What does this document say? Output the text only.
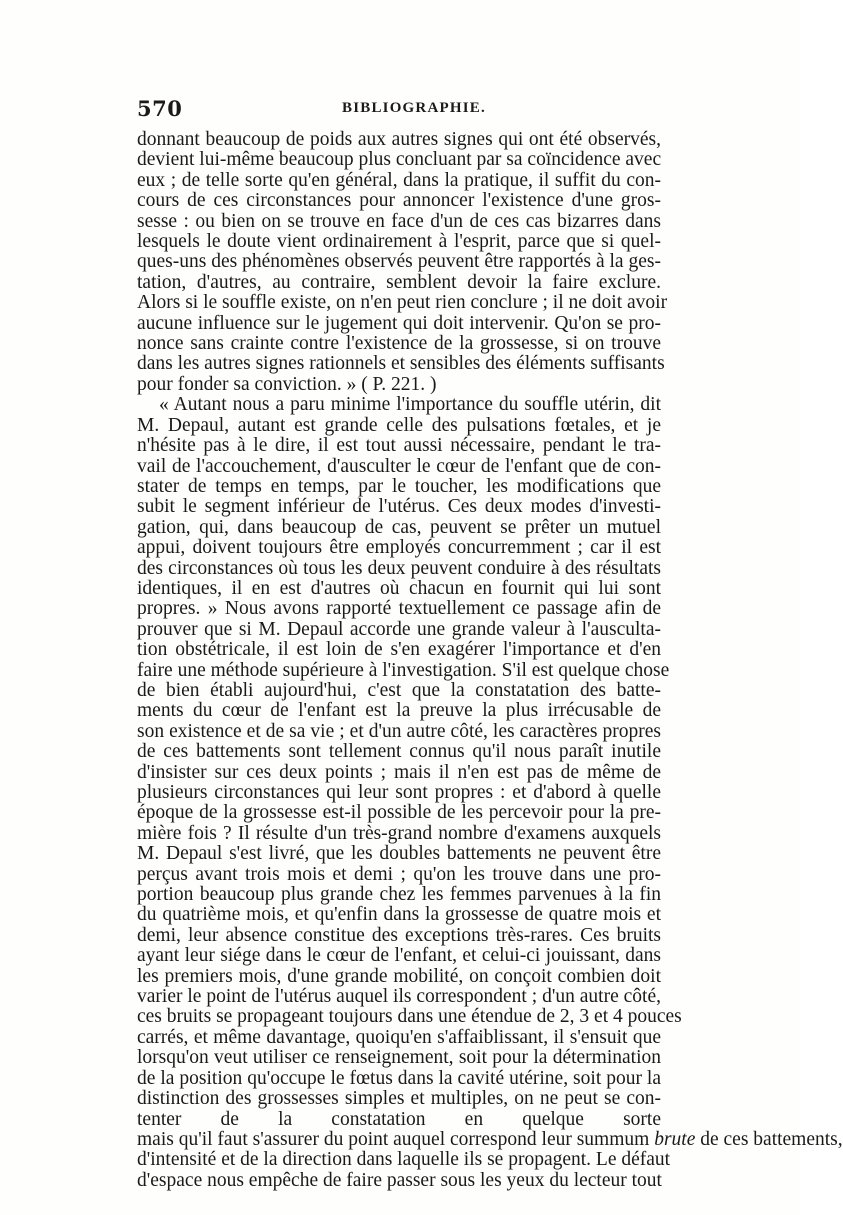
570	BIBLIOGRAPHIE.
donnant beaucoup de poids aux autres signes qui ont été observés,
devient lui-même beaucoup plus concluant par sa coïncidence avec
eux ; de telle sorte qu'en général, dans la pratique, il suffit du con-
cours de ces circonstances pour annoncer l'existence d'une gros-
sesse : ou bien on se trouve en face d'un de ces cas bizarres dans
lesquels le doute vient ordinairement à l'esprit, parce que si quel-
ques-uns des phénomènes observés peuvent être rapportés à la ges-
tation, d'autres, au contraire, semblent devoir la faire exclure.
Alors si le souffle existe, on n'en peut rien conclure ; il ne doit avoir
aucune influence sur le jugement qui doit intervenir. Qu'on se pro-
nonce sans crainte contre l'existence de la grossesse, si on trouve
dans les autres signes rationnels et sensibles des éléments suffisants
pour fonder sa conviction. » ( P. 221. )
« Autant nous a paru minime l'importance du souffle utérin, dit
M. Depaul, autant est grande celle des pulsations fœtales, et je
n'hésite pas à le dire, il est tout aussi nécessaire, pendant le tra-
vail de l'accouchement, d'ausculter le cœur de l'enfant que de con-
stater de temps en temps, par le toucher, les modifications que
subit le segment inférieur de l'utérus. Ces deux modes d'investi-
gation, qui, dans beaucoup de cas, peuvent se prêter un mutuel
appui, doivent toujours être employés concurremment ; car il est
des circonstances où tous les deux peuvent conduire à des résultats
identiques, il en est d'autres où chacun en fournit qui lui sont
propres. » Nous avons rapporté textuellement ce passage afin de
prouver que si M. Depaul accorde une grande valeur à l'ausculta-
tion obstétricale, il est loin de s'en exagérer l'importance et d'en
faire une méthode supérieure à l'investigation. S'il est quelque chose
de bien établi aujourd'hui, c'est que la constatation des batte-
ments du cœur de l'enfant est la preuve la plus irrécusable de
son existence et de sa vie ; et d'un autre côté, les caractères propres
de ces battements sont tellement connus qu'il nous paraît inutile
d'insister sur ces deux points ; mais il n'en est pas de même de
plusieurs circonstances qui leur sont propres : et d'abord à quelle
époque de la grossesse est-il possible de les percevoir pour la pre-
mière fois ? Il résulte d'un très-grand nombre d'examens auxquels
M. Depaul s'est livré, que les doubles battements ne peuvent être
perçus avant trois mois et demi ; qu'on les trouve dans une pro-
portion beaucoup plus grande chez les femmes parvenues à la fin
du quatrième mois, et qu'enfin dans la grossesse de quatre mois et
demi, leur absence constitue des exceptions très-rares. Ces bruits
ayant leur siége dans le cœur de l'enfant, et celui-ci jouissant, dans
les premiers mois, d'une grande mobilité, on conçoit combien doit
varier le point de l'utérus auquel ils correspondent ; d'un autre côté,
ces bruits se propageant toujours dans une étendue de 2, 3 et 4 pouces
carrés, et même davantage, quoiqu'en s'affaiblissant, il s'ensuit que
lorsqu'on veut utiliser ce renseignement, soit pour la détermination
de la position qu'occupe le fœtus dans la cavité utérine, soit pour la
distinction des grossesses simples et multiples, on ne peut se con-
tenter de la constatation en quelque sorte
mais qu'il faut s'assurer du point auquel correspond leur summum brute de ces battements,
d'intensité et de la direction dans laquelle ils se propagent. Le défaut
d'espace nous empêche de faire passer sous les yeux du lecteur tout
